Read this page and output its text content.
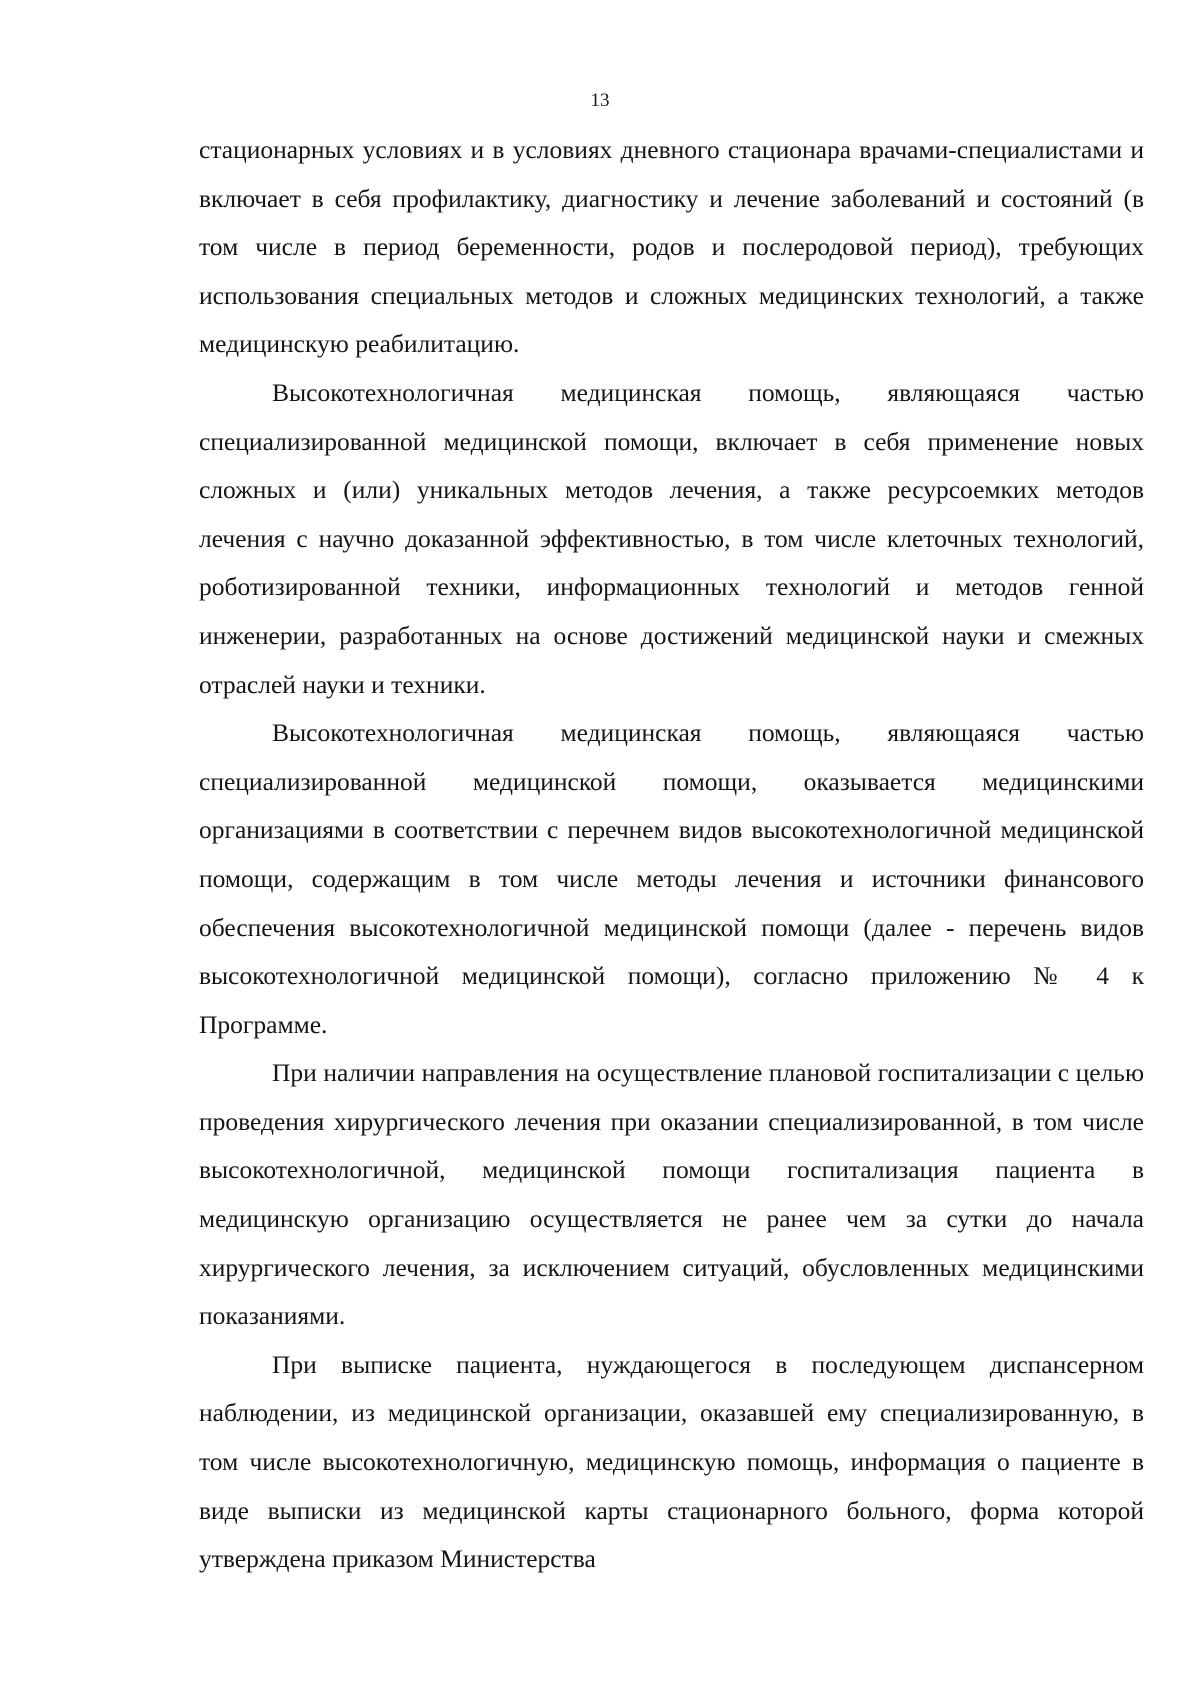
13

стационарных условиях и в условиях дневного стационара врачами-специалистами и включает в себя профилактику, диагностику и лечение заболеваний и состояний (в том числе в период беременности, родов и послеродовой период), требующих использования специальных методов и сложных медицинских технологий, а также медицинскую реабилитацию.

Высокотехнологичная медицинская помощь, являющаяся частью специализированной медицинской помощи, включает в себя применение новых сложных и (или) уникальных методов лечения, а также ресурсоемких методов лечения с научно доказанной эффективностью, в том числе клеточных технологий, роботизированной техники, информационных технологий и методов генной инженерии, разработанных на основе достижений медицинской науки и смежных отраслей науки и техники.

Высокотехнологичная медицинская помощь, являющаяся частью специализированной медицинской помощи, оказывается медицинскими организациями в соответствии с перечнем видов высокотехнологичной медицинской помощи, содержащим в том числе методы лечения и источники финансового обеспечения высокотехнологичной медицинской помощи (далее - перечень видов высокотехнологичной медицинской помощи), согласно приложению № 4 к Программе.

При наличии направления на осуществление плановой госпитализации с целью проведения хирургического лечения при оказании специализированной, в том числе высокотехнологичной, медицинской помощи госпитализация пациента в медицинскую организацию осуществляется не ранее чем за сутки до начала хирургического лечения, за исключением ситуаций, обусловленных медицинскими показаниями.

При выписке пациента, нуждающегося в последующем диспансерном наблюдении, из медицинской организации, оказавшей ему специализированную, в том числе высокотехнологичную, медицинскую помощь, информация о пациенте в виде выписки из медицинской карты стационарного больного, форма которой утверждена приказом Министерства
